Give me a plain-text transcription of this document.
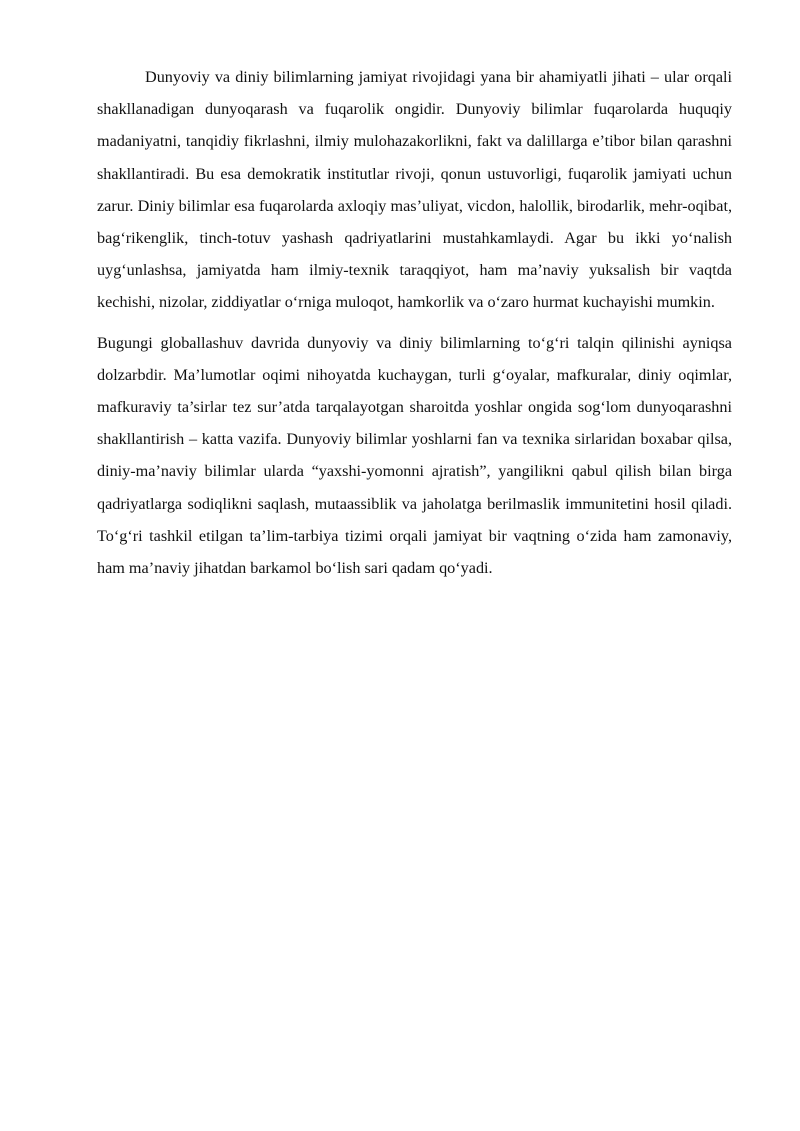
Dunyoviy va diniy bilimlarning jamiyat rivojidagi yana bir ahamiyatli jihati – ular orqali shakllanadigan dunyoqarash va fuqarolik ongidir. Dunyoviy bilimlar fuqarolarda huquqiy madaniyatni, tanqidiy fikrlashni, ilmiy mulohazakorlikni, fakt va dalillarga e’tibor bilan qarashni shakllantiradi. Bu esa demokratik institutlar rivoji, qonun ustuvorligi, fuqarolik jamiyati uchun zarur. Diniy bilimlar esa fuqarolarda axloqiy mas’uliyat, vicdon, halollik, birodarlik, mehr-oqibat, bag‘rikenglik, tinch-totuv yashash qadriyatlarini mustahkamlaydi. Agar bu ikki yo‘nalish uyg‘unlashsa, jamiyatda ham ilmiy-texnik taraqqiyot, ham ma’naviy yuksalish bir vaqtda kechishi, nizolar, ziddiyatlar o‘rniga muloqot, hamkorlik va o‘zaro hurmat kuchayishi mumkin.

Bugungi globallashuv davrida dunyoviy va diniy bilimlarning to‘g‘ri talqin qilinishi ayniqsa dolzarbdir. Ma’lumotlar oqimi nihoyatda kuchaygan, turli g‘oyalar, mafkuralar, diniy oqimlar, mafkuraviy ta’sirlar tez sur’atda tarqalayotgan sharoitda yoshlar ongida sog‘lom dunyoqarashni shakllantirish – katta vazifa. Dunyoviy bilimlar yoshlarni fan va texnika sirlaridan boxabar qilsa, diniy-ma’naviy bilimlar ularda “yaxshi-yomonni ajratish”, yangilikni qabul qilish bilan birga qadriyatlarga sodiqlikni saqlash, mutaassiblik va jaholatga berilmaslik immunitetini hosil qiladi. To‘g‘ri tashkil etilgan ta’lim-tarbiya tizimi orqali jamiyat bir vaqtning o‘zida ham zamonaviy, ham ma’naviy jihatdan barkamol bo‘lish sari qadam qo‘yadi.
